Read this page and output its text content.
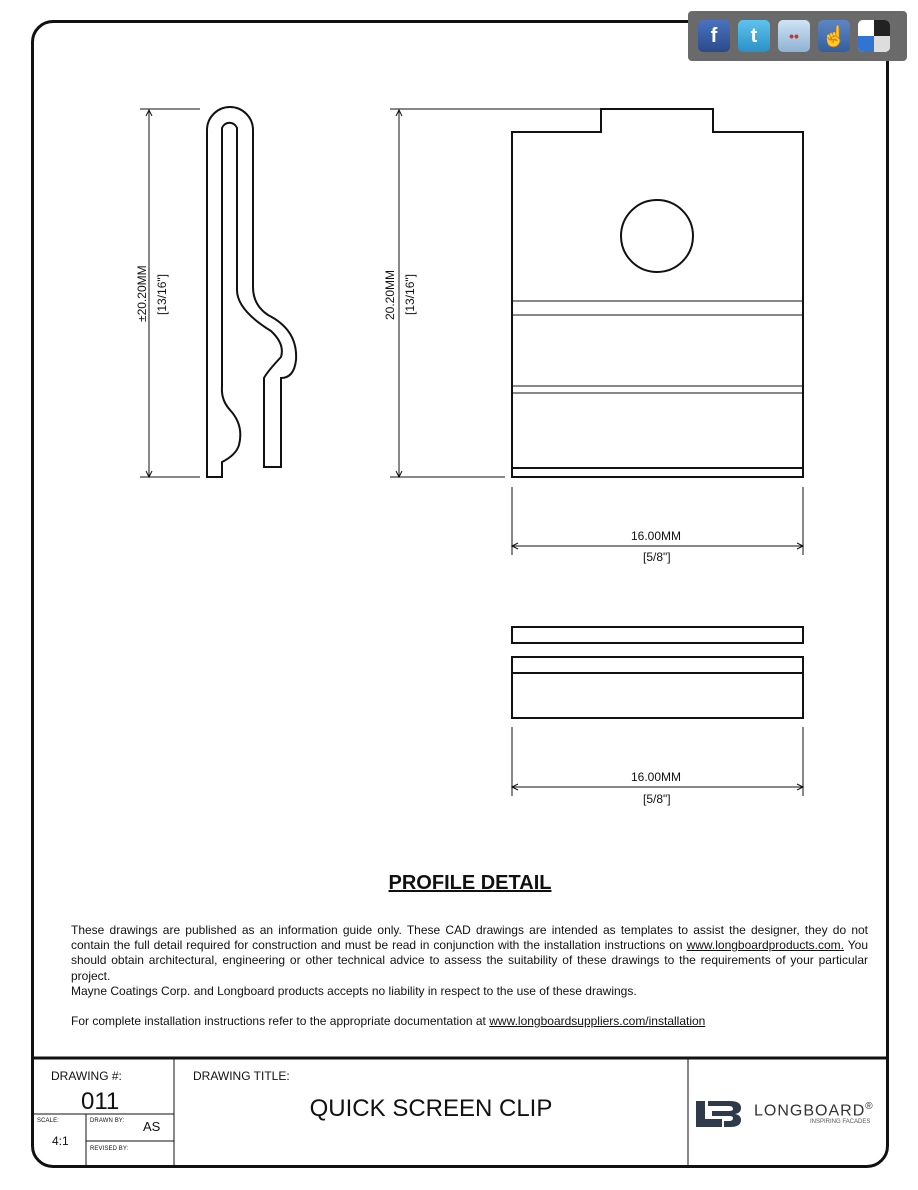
f t •• ☝
±20.20MM [13/16"]	20.20MM [13/16"]
16.00MM
[5/8"]
16.00MM
[5/8"]
PROFILE DETAIL
These drawings are published as an information guide only. These CAD drawings are intended as templates to assist the designer, they do not contain the full detail required for construction and must be read in conjunction with the installation instructions on www.longboardproducts.com. You should obtain architectural, engineering or other technical advice to assess the suitability of these drawings to the requirements of your particular project.
Mayne Coatings Corp. and Longboard products accepts no liability in respect to the use of these drawings.
For complete installation instructions refer to the appropriate documentation at www.longboardsuppliers.com/installation
DRAWING #:
011
SCALE:
4:1
DRAWN BY: AS
REVISED BY:
DRAWING TITLE:
QUICK SCREEN CLIP	LONGBOARD®
INSPIRING FACADES
